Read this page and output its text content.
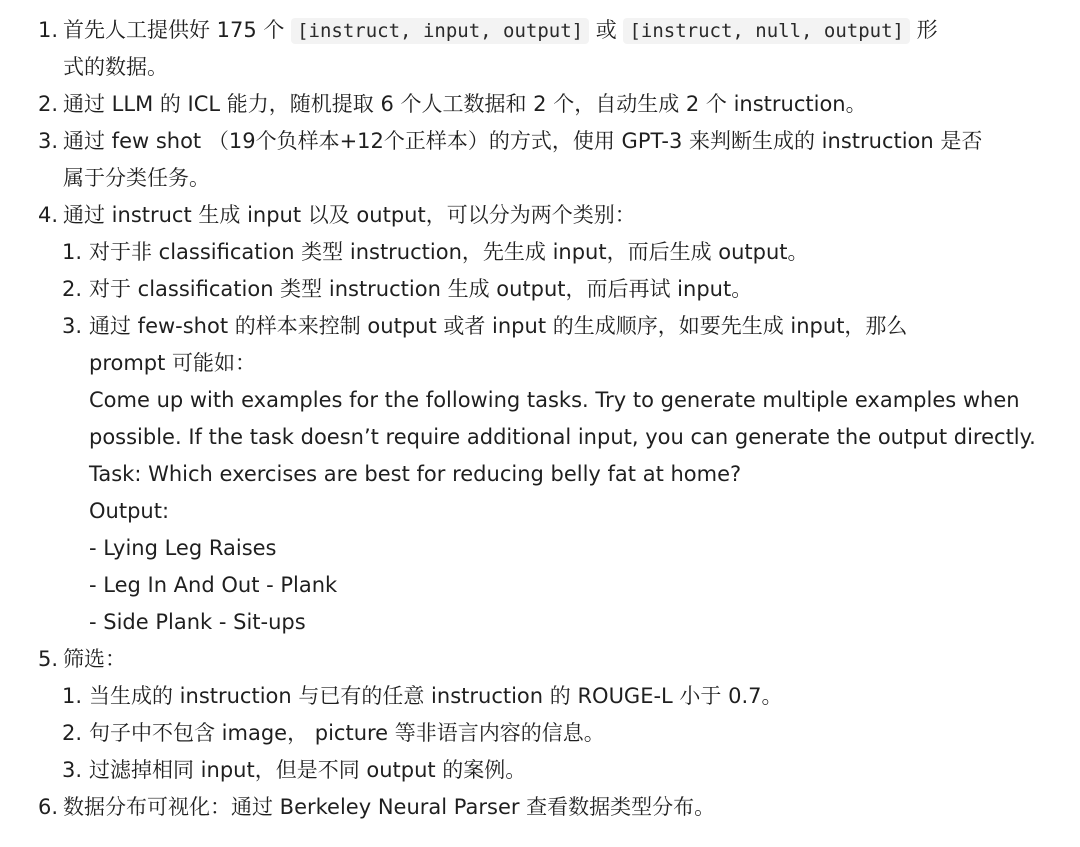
1. 首先人工提供好 175 个 [instruct, input, output] 或 [instruct, null, output] 形
式的数据。
2. 通过 LLM 的 ICL 能力，随机提取 6 个人工数据和 2 个，自动生成 2 个 instruction。
3. 通过 few shot （19个负样本+12个正样本）的方式，使用 GPT-3 来判断生成的 instruction 是否
属于分类任务。
4. 通过 instruct 生成 input 以及 output，可以分为两个类别：
1. 对于非 classification 类型 instruction，先生成 input，而后生成 output。
2. 对于 classification 类型 instruction 生成 output，而后再试 input。
3. 通过 few-shot 的样本来控制 output 或者 input 的生成顺序，如要先生成 input，那么
prompt 可能如：
Come up with examples for the following tasks. Try to generate multiple examples when
possible. If the task doesn’t require additional input, you can generate the output directly.
Task: Which exercises are best for reducing belly fat at home?
Output:
- Lying Leg Raises
- Leg In And Out - Plank
- Side Plank - Sit-ups
5. 筛选：
1. 当生成的 instruction 与已有的任意 instruction 的 ROUGE-L 小于 0.7。
2. 句子中不包含 image， picture 等非语言内容的信息。
3. 过滤掉相同 input，但是不同 output 的案例。
6. 数据分布可视化：通过 Berkeley Neural Parser 查看数据类型分布。
